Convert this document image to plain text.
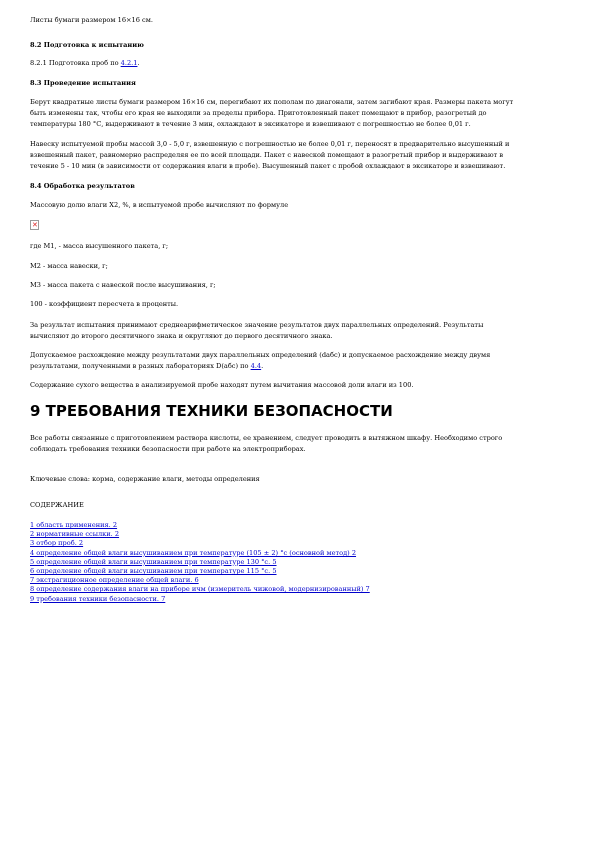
Листы бумаги размером 16×16 см.
8.2 Подготовка к испытанию
8.2.1 Подготовка проб по 4.2.1.
8.3 Проведение испытания
Берут квадратные листы бумаги размером 16×16 см, перегибают их пополам по диагонали, затем загибают края. Размеры пакета могут
быть изменены так, чтобы его края не выходили за пределы прибора. Приготовленный пакет помещают в прибор, разогретый до
температуры 180 °С, выдерживают в течение 3 мин, охлаждают в эксикаторе и взвешивают с погрешностью не более 0,01 г.
Навеску испытуемой пробы массой 3,0 - 5,0 г, взвешенную с погрешностью не более 0,01 г, переносят в предварительно высушенный и
взвешенный пакет, равномерно распределяя ее по всей площади. Пакет с навеской помещают в разогретый прибор и выдерживают в
течение 5 - 10 мин (в зависимости от содержания влаги в пробе). Высушенный пакет с пробой охлаждают в эксикаторе и взвешивают.
8.4 Обработка результатов
Массовую долю влаги Х2, %, в испытуемой пробе вычисляют по формуле
✕
где М1, - масса высушенного пакета, г;
М2 - масса навески, г;
М3 - масса пакета с навеской после высушивания, г;
100 - коэффициент пересчета в проценты.
За результат испытания принимают среднеарифметическое значение результатов двух параллельных определений. Результаты
вычисляют до второго десятичного знака и округляют до первого десятичного знака.
Допускаемое расхождение между результатами двух параллельных определений (dабс) и допускаемое расхождение между двумя
результатами, полученными в разных лабораториях D(абс) по 4.4.
Содержание сухого вещества в анализируемой пробе находят путем вычитания массовой доли влаги из 100.
9 ТРЕБОВАНИЯ ТЕХНИКИ БЕЗОПАСНОСТИ
Все работы связанные с приготовлением раствора кислоты, ее хранением, следует проводить в вытяжном шкафу. Необходимо строго
соблюдать требования техники безопасности при работе на электроприборах.
Ключевые слова: корма, содержание влаги, методы определения
СОДЕРЖАНИЕ
1 область применения. 2
2 нормативные ссылки. 2
3 отбор проб. 2
4 определение общей влаги высушиванием при температуре (105 ± 2) °с (основной метод) 2
5 определение общей влаги высушиванием при температуре 130 °с. 5
6 определение общей влаги высушиванием при температуре 115 °с. 5
7 экстрагиционное определение общей влаги. 6
8 определение содержания влаги на приборе ичм (измеритель чижовой, модернизированный) 7
9 требования техники безопасности. 7
